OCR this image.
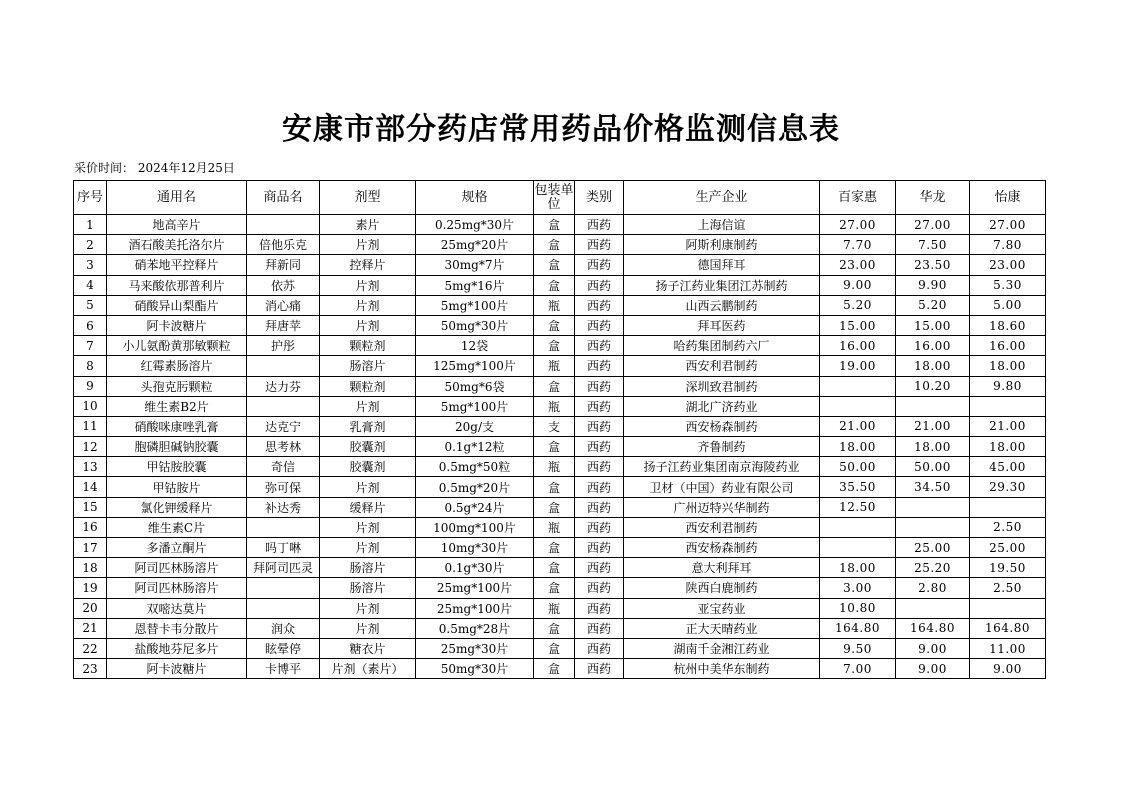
安康市部分药店常用药品价格监测信息表
采价时间： 2024年12月25日
序号	通用名	商品名	剂型	规格	包装单位	类别	生产企业	百家惠	华龙	怡康
1	地高辛片		素片	0.25mg*30片	盒	西药	上海信谊	27.00	27.00	27.00
2	酒石酸美托洛尔片	倍他乐克	片剂	25mg*20片	盒	西药	阿斯利康制药	7.70	7.50	7.80
3	硝苯地平控释片	拜新同	控释片	30mg*7片	盒	西药	德国拜耳	23.00	23.50	23.00
4	马来酸依那普利片	依苏	片剂	5mg*16片	盒	西药	扬子江药业集团江苏制药	9.00	9.90	5.30
5	硝酸异山梨酯片	消心痛	片剂	5mg*100片	瓶	西药	山西云鹏制药	5.20	5.20	5.00
6	阿卡波糖片	拜唐苹	片剂	50mg*30片	盒	西药	拜耳医药	15.00	15.00	18.60
7	小儿氨酚黄那敏颗粒	护彤	颗粒剂	12袋	盒	西药	哈药集团制药六厂	16.00	16.00	16.00
8	红霉素肠溶片		肠溶片	125mg*100片	瓶	西药	西安利君制药	19.00	18.00	18.00
9	头孢克肟颗粒	达力芬	颗粒剂	50mg*6袋	盒	西药	深圳致君制药		10.20	9.80
10	维生素B2片		片剂	5mg*100片	瓶	西药	湖北广济药业			
11	硝酸咪康唑乳膏	达克宁	乳膏剂	20g/支	支	西药	西安杨森制药	21.00	21.00	21.00
12	胞磷胆碱钠胶囊	思考林	胶囊剂	0.1g*12粒	盒	西药	齐鲁制药	18.00	18.00	18.00
13	甲钴胺胶囊	奇信	胶囊剂	0.5mg*50粒	瓶	西药	扬子江药业集团南京海陵药业	50.00	50.00	45.00
14	甲钴胺片	弥可保	片剂	0.5mg*20片	盒	西药	卫材（中国）药业有限公司	35.50	34.50	29.30
15	氯化钾缓释片	补达秀	缓释片	0.5g*24片	盒	西药	广州迈特兴华制药	12.50		
16	维生素C片		片剂	100mg*100片	瓶	西药	西安利君制药			2.50
17	多潘立酮片	吗丁啉	片剂	10mg*30片	盒	西药	西安杨森制药		25.00	25.00
18	阿司匹林肠溶片	拜阿司匹灵	肠溶片	0.1g*30片	盒	西药	意大利拜耳	18.00	25.20	19.50
19	阿司匹林肠溶片		肠溶片	25mg*100片	盒	西药	陕西白鹿制药	3.00	2.80	2.50
20	双嘧达莫片		片剂	25mg*100片	瓶	西药	亚宝药业	10.80		
21	恩替卡韦分散片	润众	片剂	0.5mg*28片	盒	西药	正大天晴药业	164.80	164.80	164.80
22	盐酸地芬尼多片	眩晕停	糖衣片	25mg*30片	盒	西药	湖南千金湘江药业	9.50	9.00	11.00
23	阿卡波糖片	卡博平	片剂（素片）	50mg*30片	盒	西药	杭州中美华东制药	7.00	9.00	9.00
